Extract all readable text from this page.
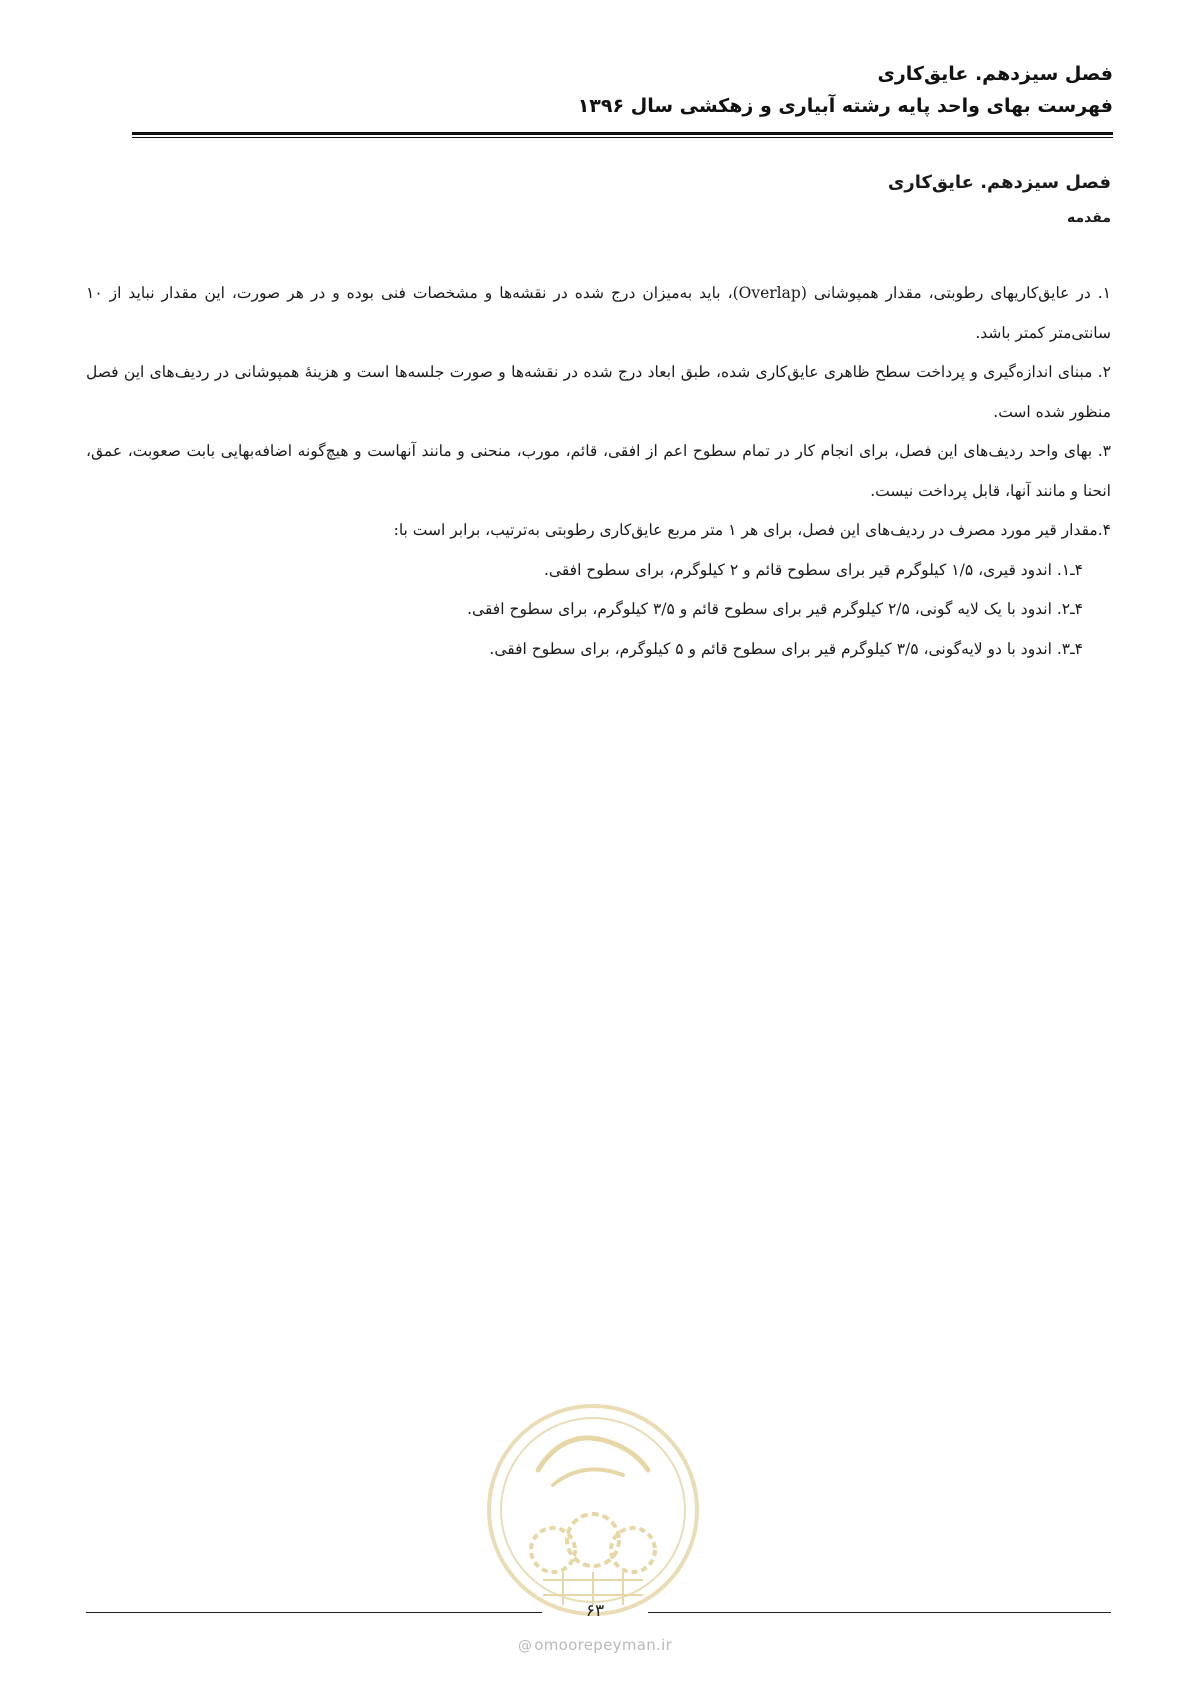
فصل سیزدهم. عایق‌کاری
فهرست بهای واحد پایه رشته آبیاری و زهکشی سال ۱۳۹۶
فصل سیزدهم. عایق‌کاری
مقدمه

۱. در عایق‌کاریهای رطوبتی، مقدار همپوشانی (Overlap)، باید به‌میزان درج شده در نقشه‌ها و مشخصات فنی بوده و در هر صورت، این مقدار نباید از ۱۰ سانتی‌متر کمتر باشد.

۲. مبنای اندازه‌گیری و پرداخت سطح ظاهری عایق‌کاری شده، طبق ابعاد درج شده در نقشه‌ها و صورت جلسه‌ها است و هزینهٔ همپوشانی در ردیف‌های این فصل منظور شده است.

۳. بهای واحد ردیف‌های این فصل، برای انجام کار در تمام سطوح اعم از افقی، قائم، مورب، منحنی و مانند آنهاست و هیچ‌گونه اضافه‌بهایی بابت صعوبت، عمق، انحنا و مانند آنها، قابل پرداخت نیست.

۴.مقدار قیر مورد مصرف در ردیف‌های این فصل، برای هر ۱ متر مربع عایق‌کاری رطوبتی به‌ترتیب، برابر است با:

۴ـ۱. اندود قیری، ۱/۵ کیلوگرم قیر برای سطوح قائم و ۲ کیلوگرم، برای سطوح افقی.

۴ـ۲. اندود با یک لایه گونی، ۲/۵ کیلوگرم قیر برای سطوح قائم و ۳/۵ کیلوگرم، برای سطوح افقی.

۴ـ۳. اندود با دو لایه‌گونی، ۳/۵ کیلوگرم قیر برای سطوح قائم و ۵ کیلوگرم، برای سطوح افقی.

۶۳
@ omoorepeyman.ir
